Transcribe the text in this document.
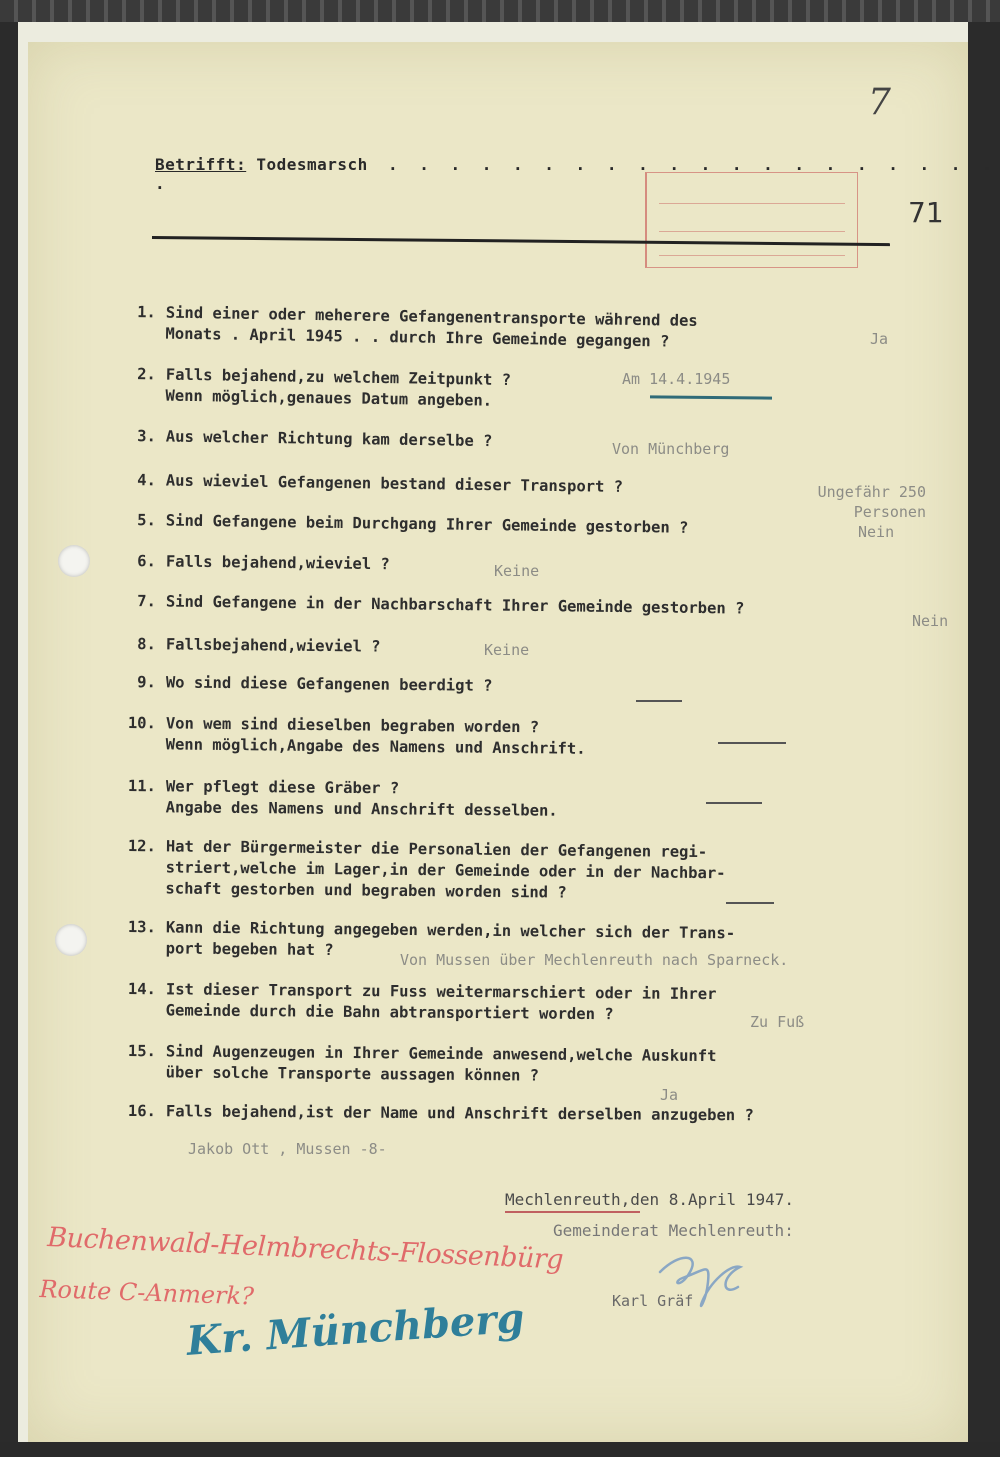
7
Betrifft: Todesmarsch . . . . . . . . . . . . . . . . . . . . .
71
1. Sind einer oder meherere Gefangenentransporte während des
Monats . April 1945 . . durch Ihre Gemeinde gegangen ?	Ja
2. Falls bejahend,zu welchem Zeitpunkt ?
Wenn möglich,genaues Datum angeben.
Am 14.4.1945
3. Aus welcher Richtung kam derselbe ?	Von Münchberg
4. Aus wieviel Gefangenen bestand dieser Transport ?	Ungefähr 250 Personen
5. Sind Gefangene beim Durchgang Ihrer Gemeinde gestorben ?	Nein
6. Falls bejahend,wieviel ?	Keine
7. Sind Gefangene in der Nachbarschaft Ihrer Gemeinde gestorben ?
Nein
8. Fallsbejahend,wieviel ?	Keine
9. Wo sind diese Gefangenen beerdigt ?
10. Von wem sind dieselben begraben worden ?
Wenn möglich,Angabe des Namens und Anschrift.
11. Wer pflegt diese Gräber ?
Angabe des Namens und Anschrift desselben.
12. Hat der Bürgermeister die Personalien der Gefangenen regi-
striert,welche im Lager,in der Gemeinde oder in der Nachbar-
schaft gestorben und begraben worden sind ?
13. Kann die Richtung angegeben werden,in welcher sich der Trans-
port begeben hat ?
Von Mussen über Mechlenreuth nach Sparneck.
14. Ist dieser Transport zu Fuss weitermarschiert oder in Ihrer
Gemeinde durch die Bahn abtransportiert worden ?	Zu Fuß
15. Sind Augenzeugen in Ihrer Gemeinde anwesend,welche Auskunft
über solche Transporte aussagen können ?
Ja
16. Falls bejahend,ist der Name und Anschrift derselben anzugeben ?
Jakob Ott , Mussen -8-
Mechlenreuth,den 8.April 1947.
Gemeinderat Mechlenreuth:
Karl Gräf
Buchenwald-Helmbrechts-Flossenbürg
Route C-Anmerk?
Kr. Münchberg
